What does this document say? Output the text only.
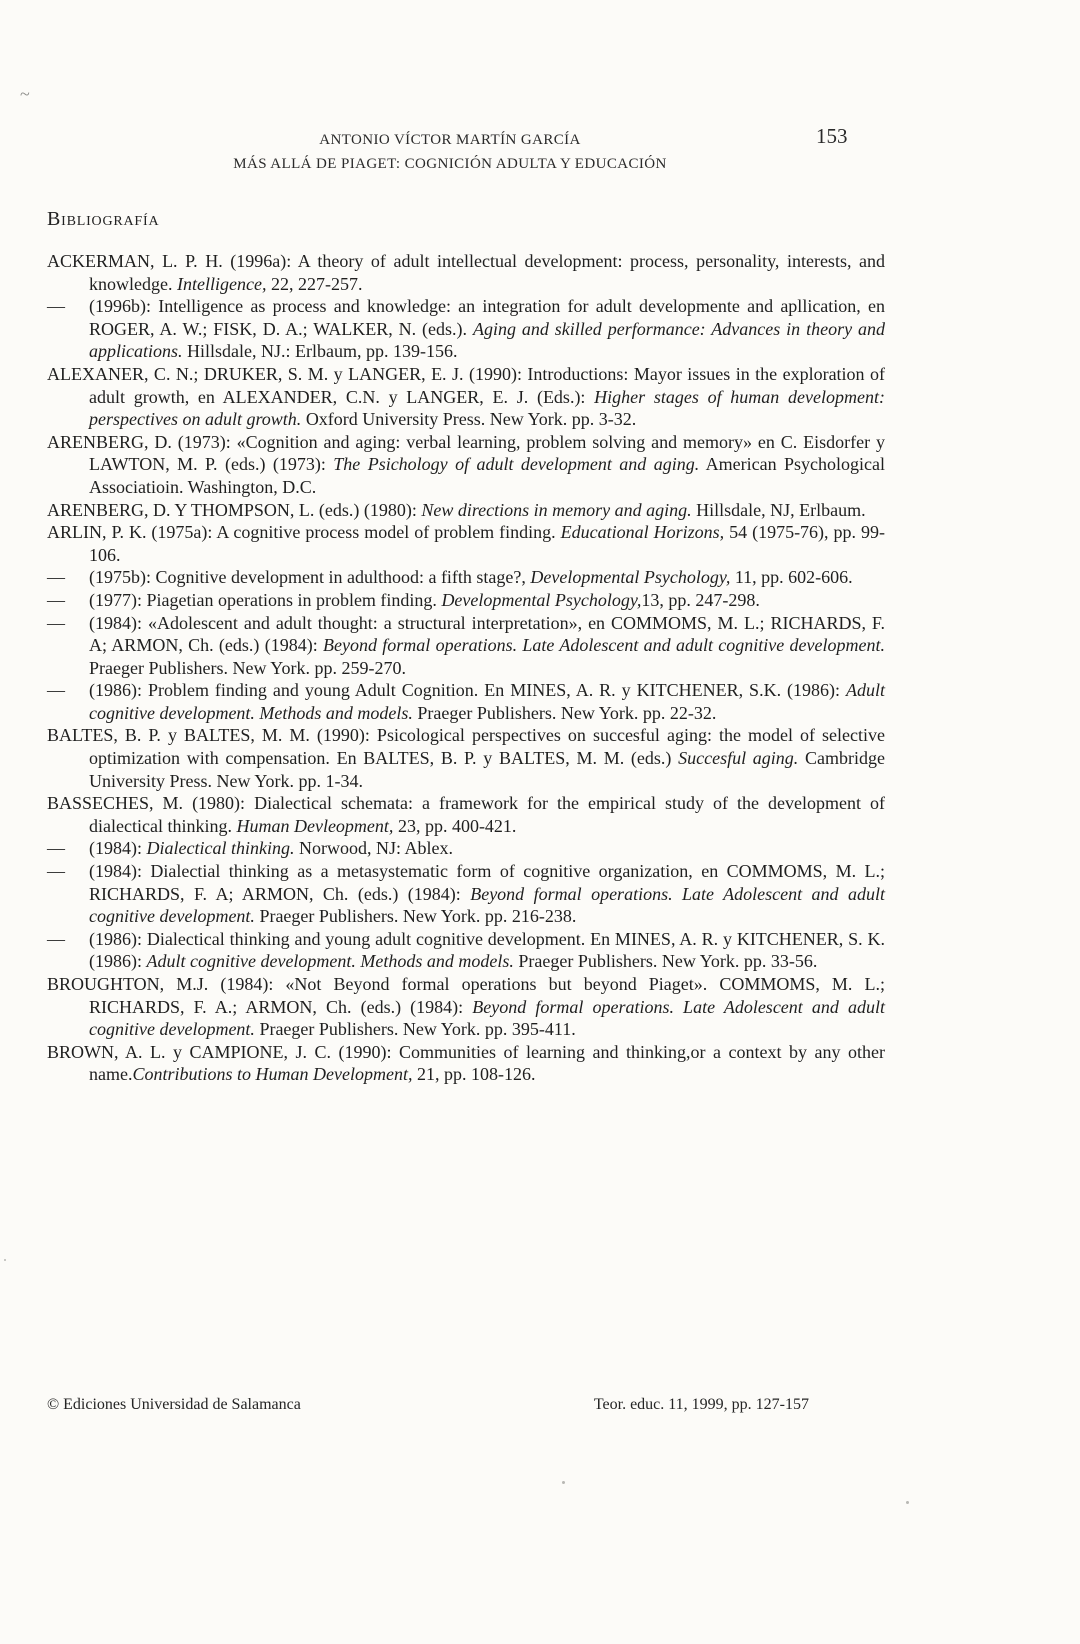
~
ANTONIO VÍCTOR MARTÍN GARCÍA
MÁS ALLÁ DE PIAGET: COGNICIÓN ADULTA Y EDUCACIÓN
153
Bibliografía

ACKERMAN, L. P. H. (1996a): A theory of adult intellectual development: process, personality, interests, and knowledge. Intelligence, 22, 227-257.

— (1996b): Intelligence as process and knowledge: an integration for adult developmente and apllication, en ROGER, A. W.; FISK, D. A.; WALKER, N. (eds.). Aging and skilled performance: Advances in theory and applications. Hillsdale, NJ.: Erlbaum, pp. 139-156.

ALEXANER, C. N.; DRUKER, S. M. y LANGER, E. J. (1990): Introductions: Mayor issues in the exploration of adult growth, en ALEXANDER, C.N. y LANGER, E. J. (Eds.): Higher stages of human development: perspectives on adult growth. Oxford University Press. New York. pp. 3-32.

ARENBERG, D. (1973): «Cognition and aging: verbal learning, problem solving and memory» en C. Eisdorfer y LAWTON, M. P. (eds.) (1973): The Psichology of adult development and aging. American Psychological Associatioin. Washington, D.C.

ARENBERG, D. Y THOMPSON, L. (eds.) (1980): New directions in memory and aging. Hillsdale, NJ, Erlbaum.

ARLIN, P. K. (1975a): A cognitive process model of problem finding. Educational Horizons, 54 (1975-76), pp. 99-106.

— (1975b): Cognitive development in adulthood: a fifth stage?, Developmental Psychology, 11, pp. 602-606.

— (1977): Piagetian operations in problem finding. Developmental Psychology,13, pp. 247-298.

— (1984): «Adolescent and adult thought: a structural interpretation», en COMMOMS, M. L.; RICHARDS, F. A; ARMON, Ch. (eds.) (1984): Beyond formal operations. Late Adolescent and adult cognitive development. Praeger Publishers. New York. pp. 259-270.

— (1986): Problem finding and young Adult Cognition. En MINES, A. R. y KITCHENER, S.K. (1986): Adult cognitive development. Methods and models. Praeger Publishers. New York. pp. 22-32.

BALTES, B. P. y BALTES, M. M. (1990): Psicological perspectives on succesful aging: the model of selective optimization with compensation. En BALTES, B. P. y BALTES, M. M. (eds.) Succesful aging. Cambridge University Press. New York. pp. 1-34.

BASSECHES, M. (1980): Dialectical schemata: a framework for the empirical study of the development of dialectical thinking. Human Devleopment, 23, pp. 400-421.

— (1984): Dialectical thinking. Norwood, NJ: Ablex.

— (1984): Dialectial thinking as a metasystematic form of cognitive organization, en COMMOMS, M. L.; RICHARDS, F. A; ARMON, Ch. (eds.) (1984): Beyond formal operations. Late Adolescent and adult cognitive development. Praeger Publishers. New York. pp. 216-238.

— (1986): Dialectical thinking and young adult cognitive development. En MINES, A. R. y KITCHENER, S. K. (1986): Adult cognitive development. Methods and models. Praeger Publishers. New York. pp. 33-56.

BROUGHTON, M.J. (1984): «Not Beyond formal operations but beyond Piaget». COMMOMS, M. L.; RICHARDS, F. A.; ARMON, Ch. (eds.) (1984): Beyond formal operations. Late Adolescent and adult cognitive development. Praeger Publishers. New York. pp. 395-411.

BROWN, A. L. y CAMPIONE, J. C. (1990): Communities of learning and thinking,or a context by any other name.Contributions to Human Development, 21, pp. 108-126.

© Ediciones Universidad de Salamanca	Teor. educ. 11, 1999, pp. 127-157
